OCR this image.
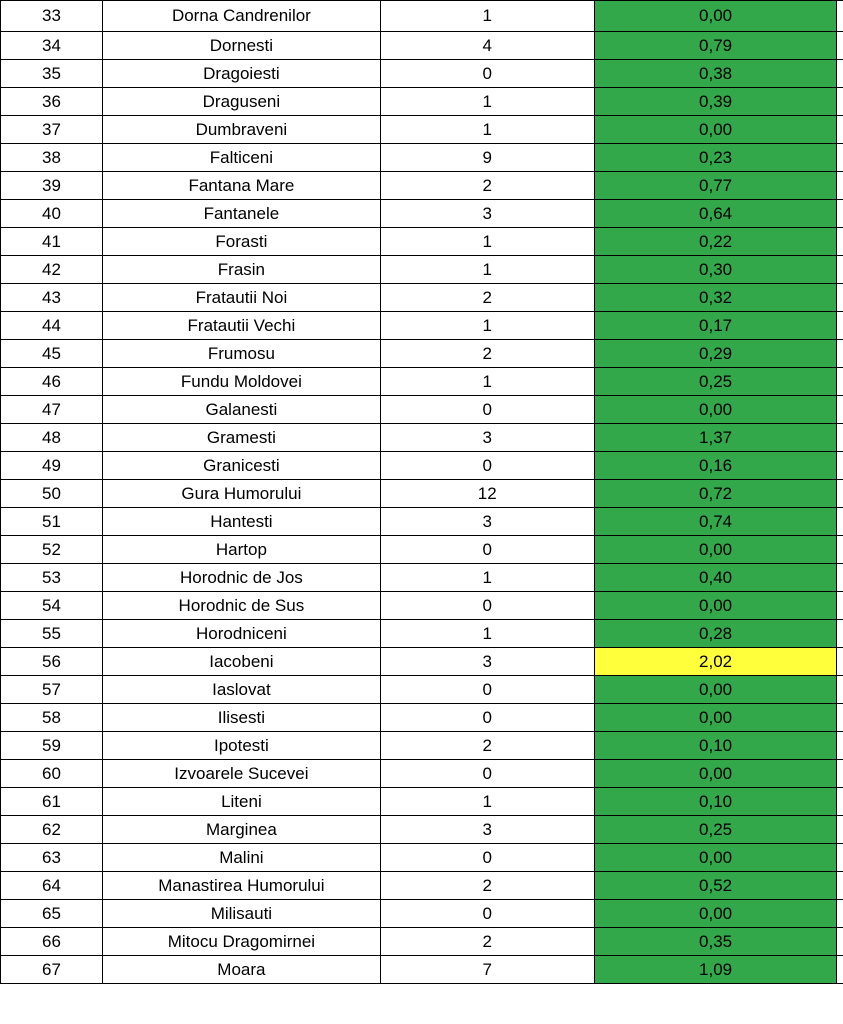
33	Dorna Candrenilor	1	0,00	
34	Dornesti	4	0,79	
35	Dragoiesti	0	0,38	
36	Draguseni	1	0,39	
37	Dumbraveni	1	0,00	
38	Falticeni	9	0,23	
39	Fantana Mare	2	0,77	
40	Fantanele	3	0,64	
41	Forasti	1	0,22	
42	Frasin	1	0,30	
43	Fratautii Noi	2	0,32	
44	Fratautii Vechi	1	0,17	
45	Frumosu	2	0,29	
46	Fundu Moldovei	1	0,25	
47	Galanesti	0	0,00	
48	Gramesti	3	1,37	
49	Granicesti	0	0,16	
50	Gura Humorului	12	0,72	
51	Hantesti	3	0,74	
52	Hartop	0	0,00	
53	Horodnic de Jos	1	0,40	
54	Horodnic de Sus	0	0,00	
55	Horodniceni	1	0,28	
56	Iacobeni	3	2,02	
57	Iaslovat	0	0,00	
58	Ilisesti	0	0,00	
59	Ipotesti	2	0,10	
60	Izvoarele Sucevei	0	0,00	
61	Liteni	1	0,10	
62	Marginea	3	0,25	
63	Malini	0	0,00	
64	Manastirea Humorului	2	0,52	
65	Milisauti	0	0,00	
66	Mitocu Dragomirnei	2	0,35	
67	Moara	7	1,09	
